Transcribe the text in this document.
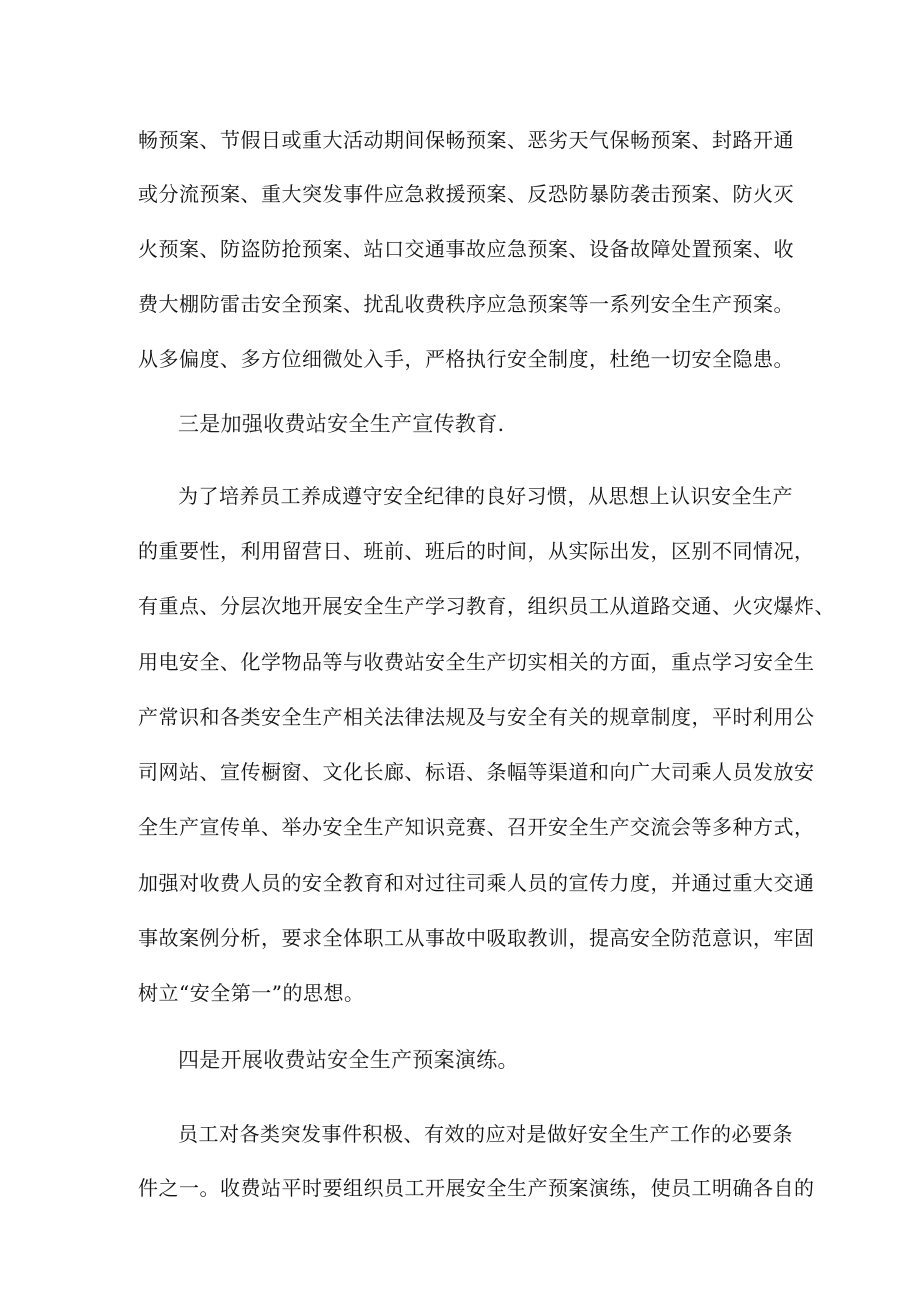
畅预案、节假日或重大活动期间保畅预案、恶劣天气保畅预案、封路开通
或分流预案、重大突发事件应急救援预案、反恐防暴防袭击预案、防火灭
火预案、防盗防抢预案、站口交通事故应急预案、设备故障处置预案、收
费大棚防雷击安全预案、扰乱收费秩序应急预案等一系列安全生产预案。
从多偏度、多方位细微处入手，严格执行安全制度，杜绝一切安全隐患。
三是加强收费站安全生产宣传教育.
为了培养员工养成遵守安全纪律的良好习惯，从思想上认识安全生产
的重要性，利用留营日、班前、班后的时间，从实际出发，区别不同情况，
有重点、分层次地开展安全生产学习教育，组织员工从道路交通、火灾爆炸、
用电安全、化学物品等与收费站安全生产切实相关的方面，重点学习安全生
产常识和各类安全生产相关法律法规及与安全有关的规章制度，平时利用公
司网站、宣传橱窗、文化长廊、标语、条幅等渠道和向广大司乘人员发放安
全生产宣传单、举办安全生产知识竞赛、召开安全生产交流会等多种方式，
加强对收费人员的安全教育和对过往司乘人员的宣传力度，并通过重大交通
事故案例分析，要求全体职工从事故中吸取教训，提高安全防范意识，牢固
树立“安全第一”的思想。
四是开展收费站安全生产预案演练。
员工对各类突发事件积极、有效的应对是做好安全生产工作的必要条
件之一。收费站平时要组织员工开展安全生产预案演练，使员工明确各自的
